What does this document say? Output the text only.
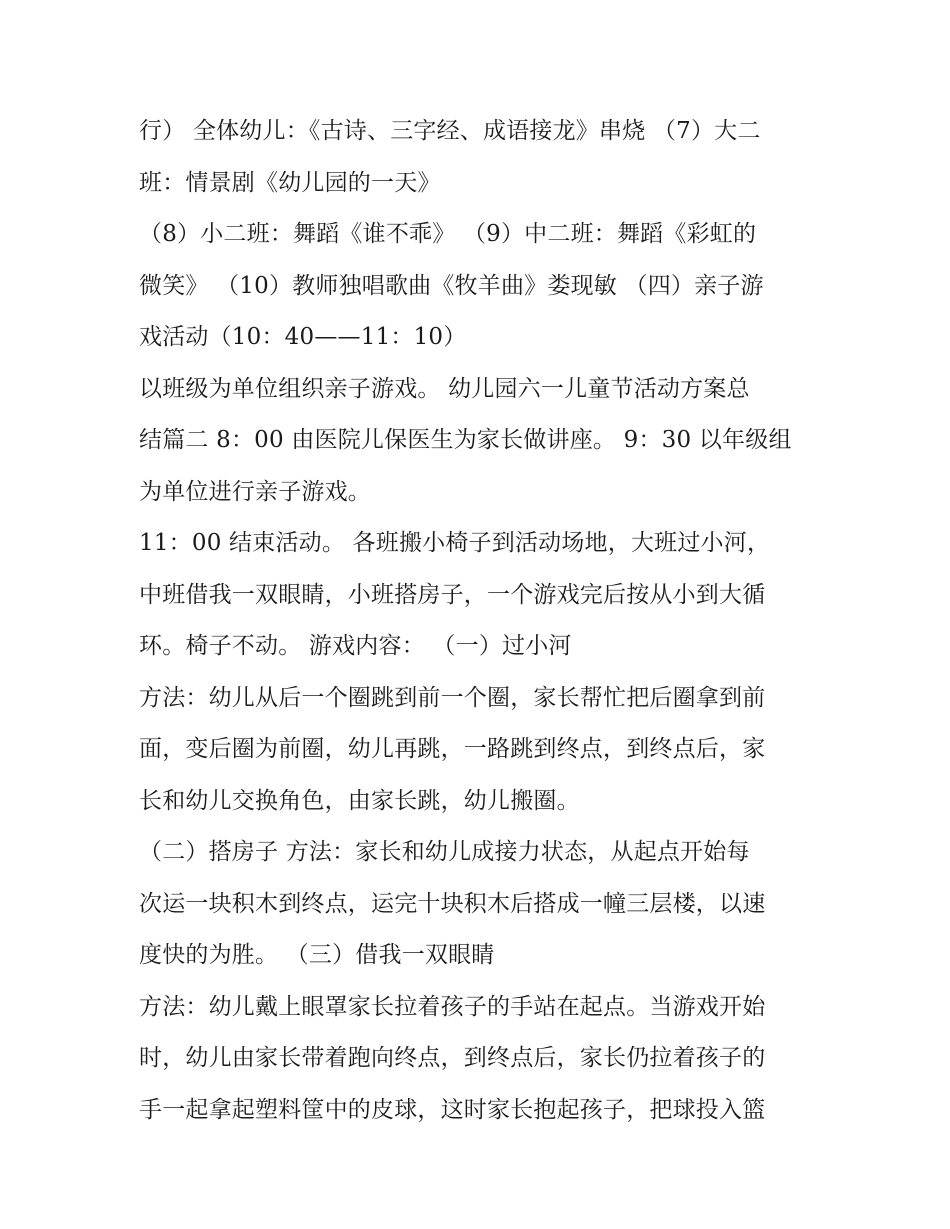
行） 全体幼儿：《古诗、三字经、成语接龙》串烧 （7）大二
班：情景剧《幼儿园的一天》
（8）小二班：舞蹈《谁不乖》 （9）中二班：舞蹈《彩虹的
微笑》 （10）教师独唱歌曲《牧羊曲》娄现敏 （四）亲子游
戏活动（10：40——11：10）
以班级为单位组织亲子游戏。 幼儿园六一儿童节活动方案总
结篇二 8：00 由医院儿保医生为家长做讲座。 9：30 以年级组
为单位进行亲子游戏。
11：00 结束活动。 各班搬小椅子到活动场地，大班过小河，
中班借我一双眼睛，小班搭房子，一个游戏完后按从小到大循
环。椅子不动。 游戏内容： （一）过小河
方法：幼儿从后一个圈跳到前一个圈，家长帮忙把后圈拿到前
面，变后圈为前圈，幼儿再跳，一路跳到终点，到终点后，家
长和幼儿交换角色，由家长跳，幼儿搬圈。
（二）搭房子 方法：家长和幼儿成接力状态，从起点开始每
次运一块积木到终点，运完十块积木后搭成一幢三层楼，以速
度快的为胜。 （三）借我一双眼睛
方法：幼儿戴上眼罩家长拉着孩子的手站在起点。当游戏开始
时，幼儿由家长带着跑向终点，到终点后，家长仍拉着孩子的
手一起拿起塑料筐中的皮球，这时家长抱起孩子，把球投入篮
